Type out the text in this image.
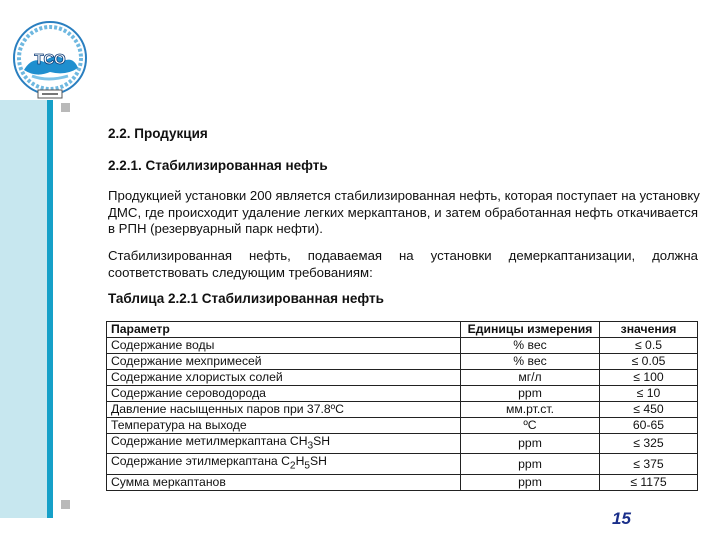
ТСО
2.2. Продукция
2.2.1. Стабилизированная нефть
Продукцией установки 200 является стабилизированная нефть, которая поступает на установку
ДМС, где происходит удаление легких меркаптанов, и затем обработанная нефть откачивается
в РПН (резервуарный парк нефти).
Стабилизированная нефть, подаваемая на установки демеркаптанизации, должна
соответствовать следующим требованиям:
Таблица 2.2.1 Стабилизированная нефть
Параметр	Единицы измерения	значения
Содержание воды	% вес	≤ 0.5
Содержание мехпримесей	% вес	≤ 0.05
Содержание хлористых солей	мг/л	≤ 100
Содержание сероводорода	ppm	≤ 10
Давление насыщенных паров при 37.8ºC	мм.рт.ст.	≤ 450
Температура на выходе	ºC	60-65
Содержание метилмеркаптана $CH_3SH$	ppm	≤ 325
Содержание этилмеркаптана $C_2H_5SH$	ppm	≤ 375
Сумма меркаптанов	ppm	≤ 1175
15
